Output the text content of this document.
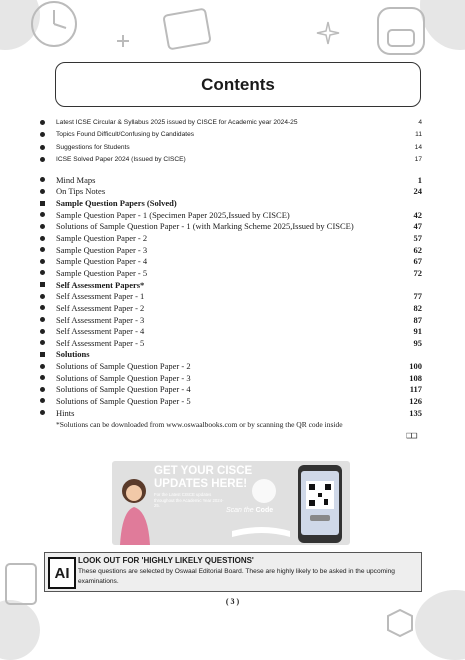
Contents
Latest ICSE Circular & Syllabus 2025 issued by CISCE for Academic year 2024-25	4
Topics Found Difficult/Confusing by Candidates	11
Suggestions for Students	14
ICSE Solved Paper 2024 (Issued by CISCE)	17
Mind Maps	1
On Tips Notes	24
Sample Question Papers (Solved)
Sample Question Paper - 1 (Specimen Paper 2025,Issued by CISCE)	42
Solutions of Sample Question Paper - 1 (with Marking Scheme 2025,Issued by CISCE)	47
Sample Question Paper - 2	57
Sample Question Paper - 3	62
Sample Question Paper - 4	67
Sample Question Paper - 5	72
Self Assessment Papers*
Self Assessment Paper - 1	77
Self Assessment Paper - 2	82
Self Assessment Paper - 3	87
Self Assessment Paper - 4	91
Self Assessment Paper - 5	95
Solutions
Solutions of Sample Question Paper - 2	100
Solutions of Sample Question Paper - 3	108
Solutions of Sample Question Paper - 4	117
Solutions of Sample Question Paper - 5	126
Hints	135
*Solutions can be downloaded from www.oswaalbooks.com or by scanning the QR code inside
❑❑
GET YOUR CISCE
UPDATES HERE!
For the Latest CISCE updates throughout the Academic Year 2024-25.
Scan the Code
AI
LOOK OUT FOR 'HIGHLY LIKELY QUESTIONS'
These questions are selected by Oswaal Editorial Board. These are highly likely to be asked in the upcoming examinations.
( 3 )
